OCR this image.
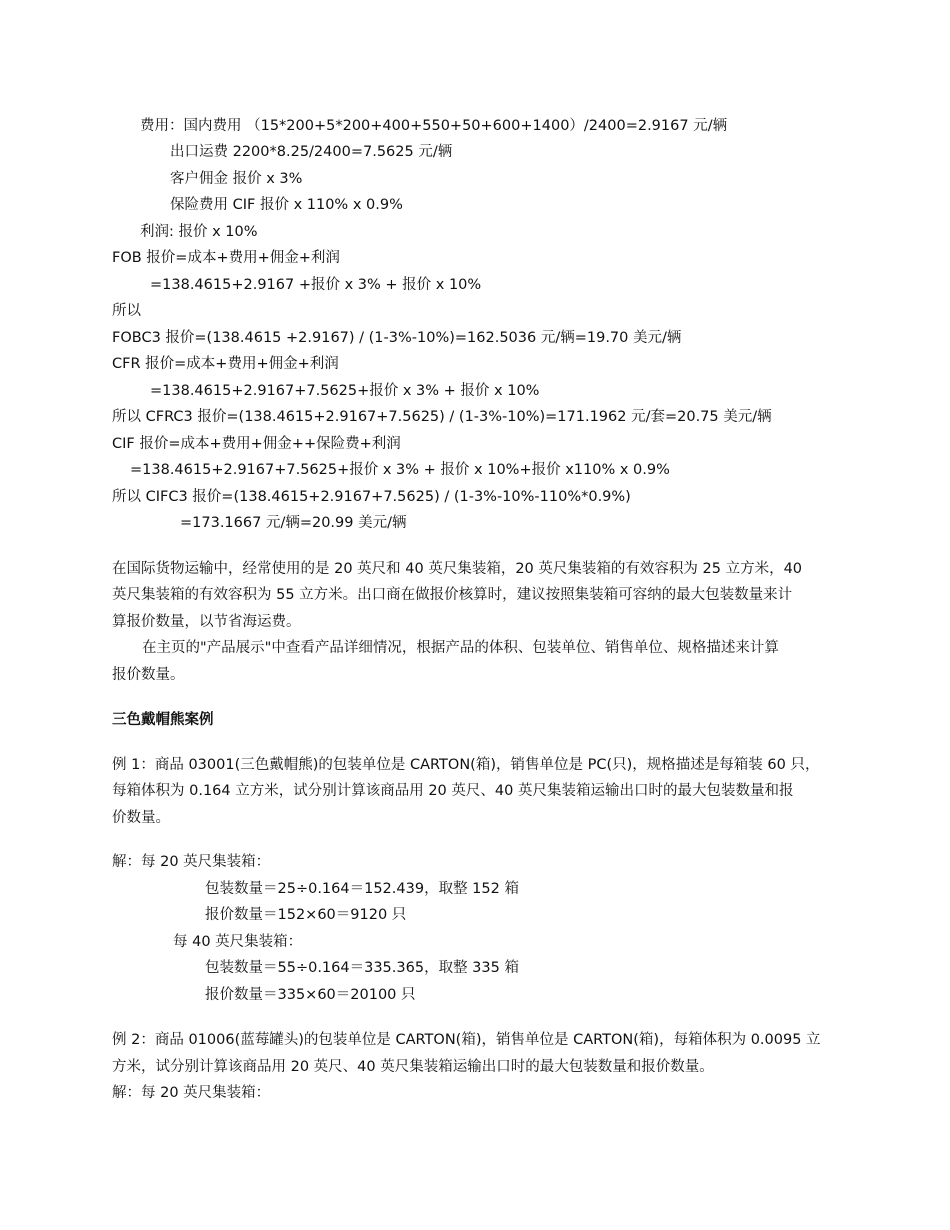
费用：国内费用 （15*200+5*200+400+550+50+600+1400）/2400=2.9167 元/辆
出口运费 2200*8.25/2400=7.5625 元/辆
客户佣金 报价 x 3%
保险费用 CIF 报价 x 110% x 0.9%
利润: 报价 x 10%
FOB 报价=成本+费用+佣金+利润
=138.4615+2.9167 +报价 x 3% + 报价 x 10%
所以
FOBC3 报价=(138.4615 +2.9167) / (1-3%-10%)=162.5036 元/辆=19.70 美元/辆
CFR 报价=成本+费用+佣金+利润
=138.4615+2.9167+7.5625+报价 x 3% + 报价 x 10%
所以 CFRC3 报价=(138.4615+2.9167+7.5625) / (1-3%-10%)=171.1962 元/套=20.75 美元/辆
CIF 报价=成本+费用+佣金++保险费+利润
=138.4615+2.9167+7.5625+报价 x 3% + 报价 x 10%+报价 x110% x 0.9%
所以 CIFC3 报价=(138.4615+2.9167+7.5625) / (1-3%-10%-110%*0.9%)
=173.1667 元/辆=20.99 美元/辆
在国际货物运输中，经常使用的是 20 英尺和 40 英尺集装箱，20 英尺集装箱的有效容积为 25 立方米，40
英尺集装箱的有效容积为 55 立方米。出口商在做报价核算时，建议按照集装箱可容纳的最大包装数量来计
算报价数量，以节省海运费。
在主页的"产品展示"中查看产品详细情况，根据产品的体积、包装单位、销售单位、规格描述来计算
报价数量。
三色戴帽熊案例
例 1：商品 03001(三色戴帽熊)的包装单位是 CARTON(箱)，销售单位是 PC(只)，规格描述是每箱装 60 只，
每箱体积为 0.164 立方米，试分别计算该商品用 20 英尺、40 英尺集装箱运输出口时的最大包装数量和报
价数量。
解：每 20 英尺集装箱：
包装数量＝25÷0.164＝152.439，取整 152 箱
报价数量＝152×60＝9120 只
每 40 英尺集装箱：
包装数量＝55÷0.164＝335.365，取整 335 箱
报价数量＝335×60＝20100 只
例 2：商品 01006(蓝莓罐头)的包装单位是 CARTON(箱)，销售单位是 CARTON(箱)，每箱体积为 0.0095 立
方米，试分别计算该商品用 20 英尺、40 英尺集装箱运输出口时的最大包装数量和报价数量。
解：每 20 英尺集装箱：
